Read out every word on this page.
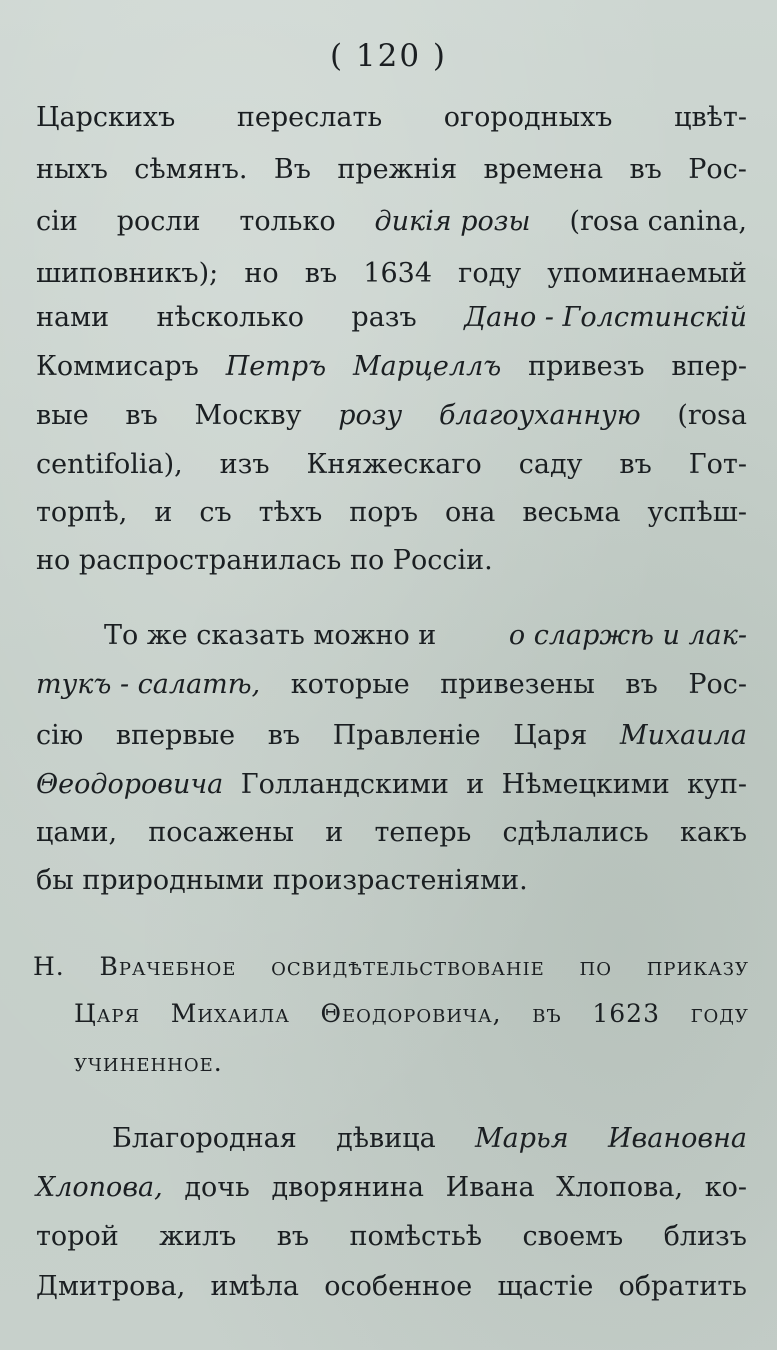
( 120 )
Царскихъ переслать огородныхъ цвѣт-
ныхъ сѣмянъ. Въ прежнія времена въ Рос-
сіи росли только дикія розы (rosa canina,
шиповникъ); но въ 1634 году упоминаемый
нами нѣсколько разъ Дано - Голстинскій
Коммисаръ Петръ Марцеллъ привезъ впер-
вые въ Москву розу благоуханную (rosa
centifolia), изъ Княжескаго саду въ Гот-
торпѣ, и съ тѣхъ поръ она весьма успѣш-
но распространилась по Россіи.
То же сказать можно и	о сларжѣ и лак-
тукъ - салатѣ, которые привезены въ Рос-
сію впервые въ Правленіе Царя Михаила
Θеодоровича Голландскими и Нѣмецкими куп-
цами, посажены и теперь сдѣлались какъ
бы природными произрастеніями.
Н. Врачебное освидѣтельствованіе по приказу
Царя Михаила Θеодоровича, въ 1623 году
учиненное.
Благородная дѣвица Марья Ивановна
Хлопова, дочь дворянина Ивана Хлопова, ко-
торой жилъ въ помѣстьѣ своемъ близъ
Дмитрова, имѣла особенное щастіе обратить
